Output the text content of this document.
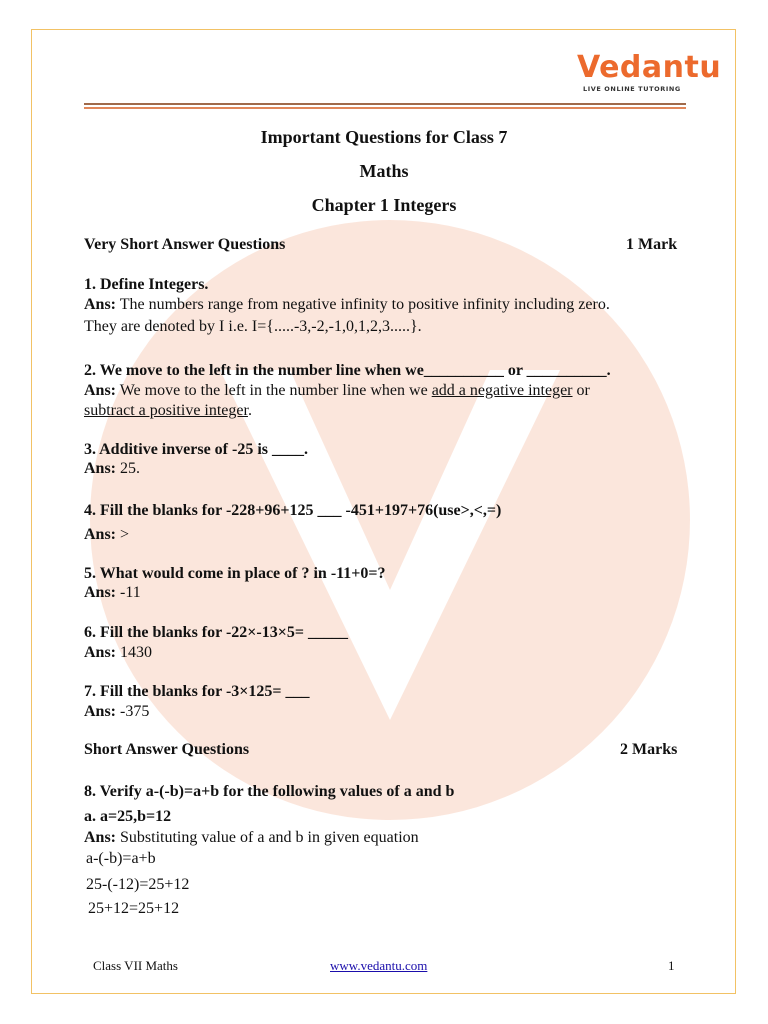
Vedantu
LIVE ONLINE TUTORING
Important Questions for Class 7
Maths
Chapter 1 Integers
Very Short Answer Questions	1 Mark
1. Define Integers.
Ans: The numbers range from negative infinity to positive infinity including zero.
They are denoted by I i.e. I={.....-3,-2,-1,0,1,2,3.....}.
2. We move to the left in the number line when we__________ or __________.
Ans: We move to the left in the number line when we add a negative integer or
subtract a positive integer.
3. Additive inverse of -25 is ____.
Ans: 25.
4. Fill the blanks for -228+96+125 ___ -451+197+76(use>,<,=)
Ans: >
5. What would come in place of ? in -11+0=?
Ans: -11
6. Fill the blanks for -22×-13×5= _____
Ans: 1430
7. Fill the blanks for -3×125= ___
Ans: -375
Short Answer Questions	2 Marks
8. Verify a-(-b)=a+b for the following values of a and b
a. a=25,b=12
Ans: Substituting value of a and b in given equation
a-(-b)=a+b
25-(-12)=25+12
25+12=25+12
Class VII Maths	www.vedantu.com	1
